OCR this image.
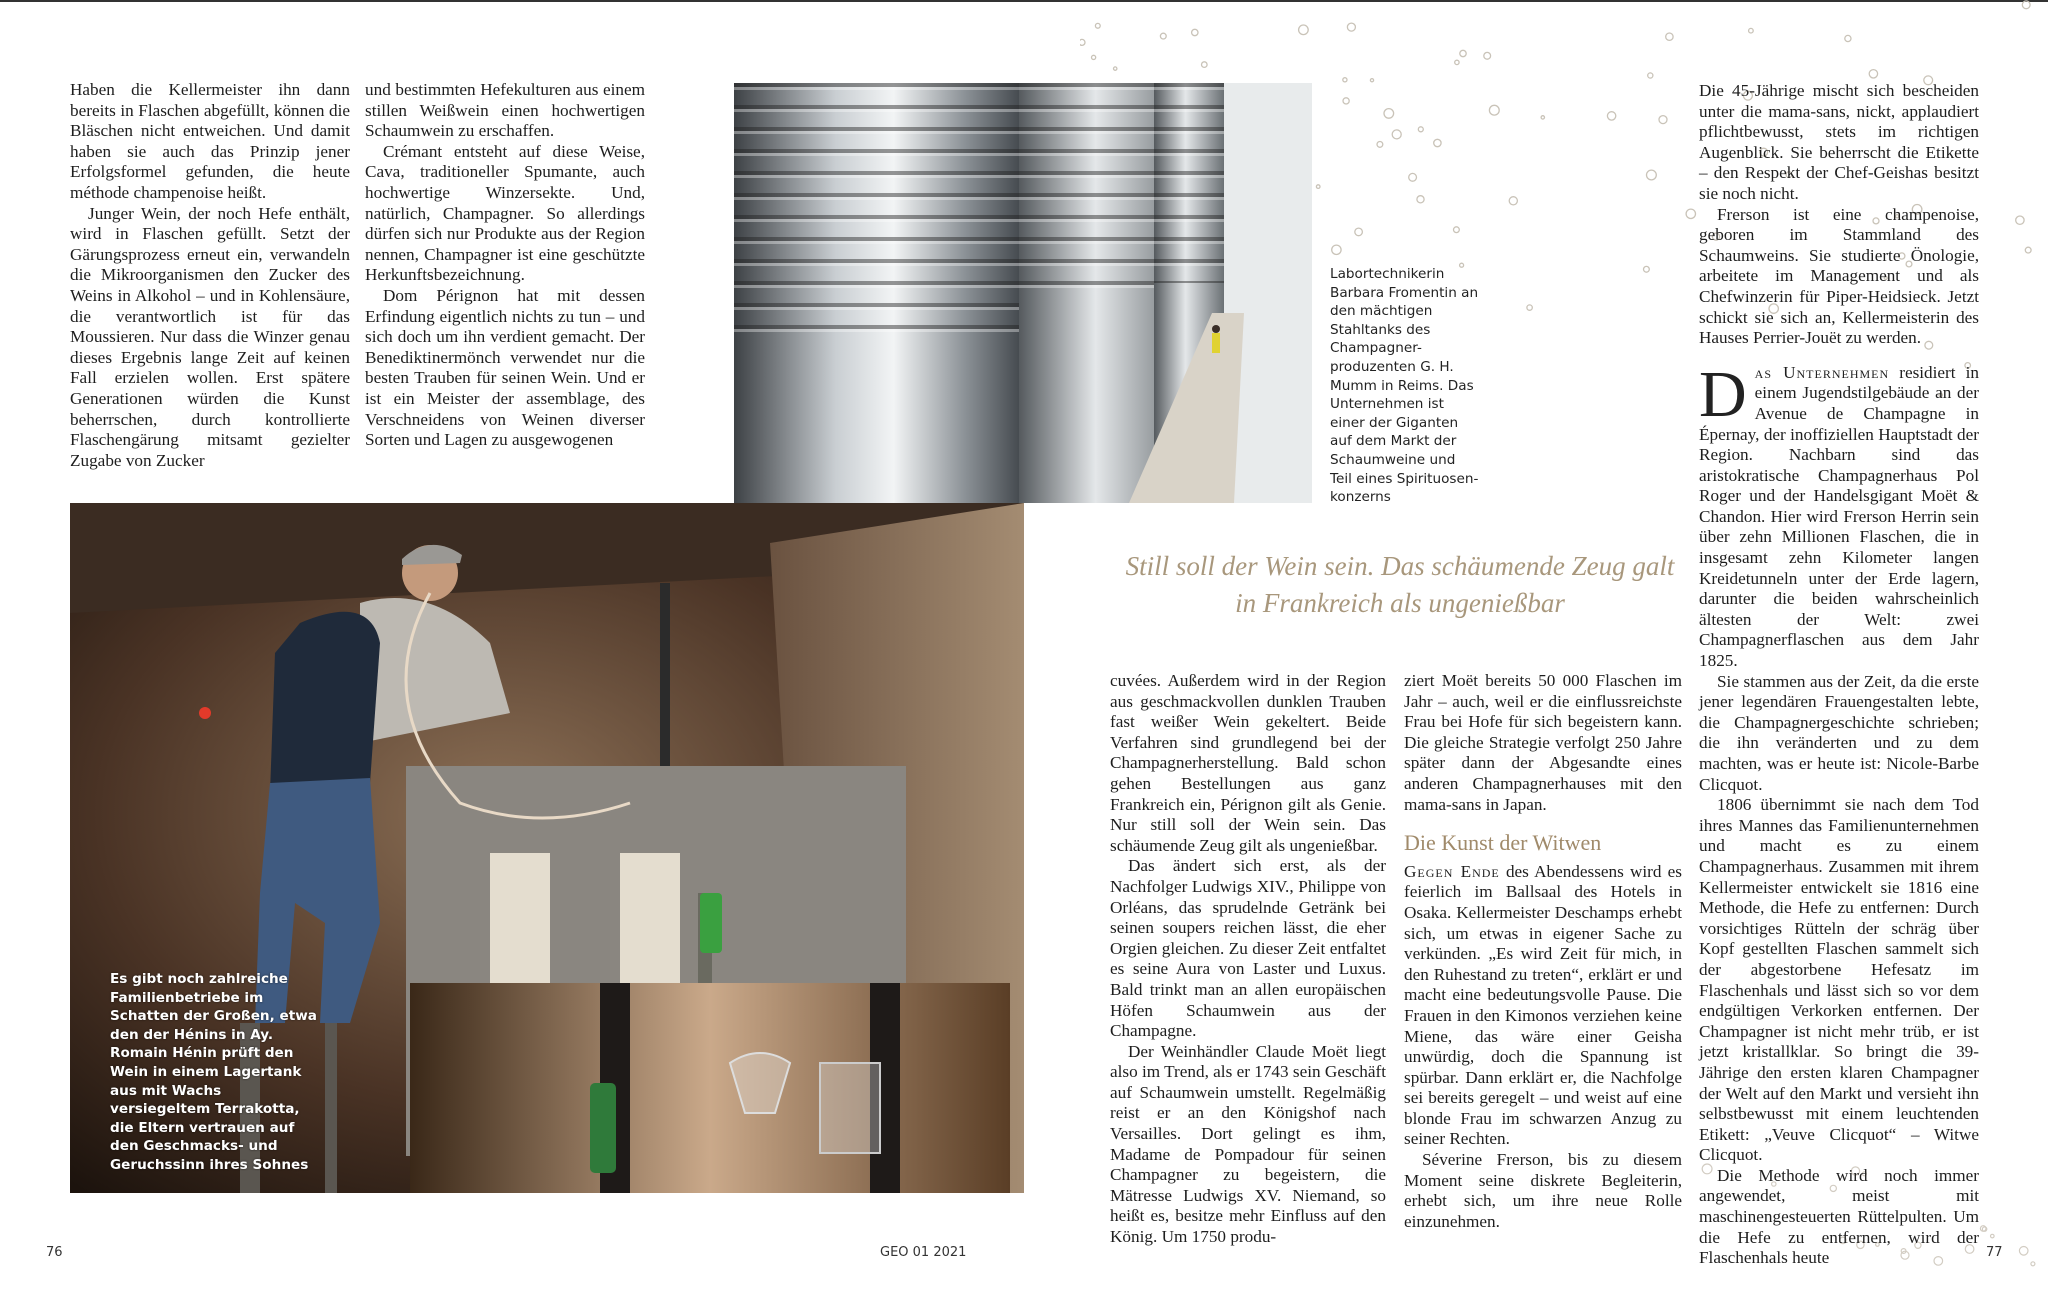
Haben die Kellermeister ihn dann bereits in Flaschen abgefüllt, können die Bläschen nicht entweichen. Und damit haben sie auch das Prinzip jener Erfolgsformel gefunden, die heute méthode champenoise heißt.

Junger Wein, der noch Hefe enthält, wird in Flaschen gefüllt. Setzt der Gärungsprozess erneut ein, verwandeln die Mikroorganismen den Zucker des Weins in Alkohol – und in Kohlensäure, die verantwortlich ist für das Moussieren. Nur dass die Winzer genau dieses Ergebnis lange Zeit auf keinen Fall erzielen wollen. Erst spätere Generationen würden die Kunst beherrschen, durch kontrollierte Flaschengärung mitsamt gezielter Zugabe von Zucker

und bestimmten Hefekulturen aus einem stillen Weißwein einen hochwertigen Schaumwein zu erschaffen.

Crémant entsteht auf diese Weise, Cava, traditioneller Spumante, auch hochwertige Winzersekte. Und, natürlich, Champagner. So allerdings dürfen sich nur Produkte aus der Region nennen, Champagner ist eine geschützte Herkunftsbezeichnung.

Dom Pérignon hat mit dessen Erfindung eigentlich nichts zu tun – und sich doch um ihn verdient gemacht. Der Benediktinermönch verwendet nur die besten Trauben für seinen Wein. Und er ist ein Meister der assemblage, des Verschneidens von Weinen diverser Sorten und Lagen zu ausgewogenen

Labortechnikerin Barbara Fromentin an den mächtigen Stahltanks des Champagner-produzenten G. H. Mumm in Reims. Das Unternehmen ist einer der Giganten auf dem Markt der Schaumweine und Teil eines Spirituosen-konzerns
Es gibt noch zahlreiche Familienbetriebe im Schatten der Großen, etwa den der Hénins in Ay. Romain Hénin prüft den Wein in einem Lagertank aus mit Wachs versiegeltem Terrakotta, die Eltern vertrauen auf den Geschmacks- und Geruchssinn ihres Sohnes
Still soll der Wein sein. Das schäumende Zeug galt in Frankreich als ungenießbar

cuvées. Außerdem wird in der Region aus geschmackvollen dunklen Trauben fast weißer Wein gekeltert. Beide Verfahren sind grundlegend bei der Champagnerherstellung. Bald schon gehen Bestellungen aus ganz Frankreich ein, Pérignon gilt als Genie. Nur still soll der Wein sein. Das schäumende Zeug gilt als ungenießbar.

Das ändert sich erst, als der Nachfolger Ludwigs XIV., Philippe von Orléans, das sprudelnde Getränk bei seinen soupers reichen lässt, die eher Orgien gleichen. Zu dieser Zeit entfaltet es seine Aura von Laster und Luxus. Bald trinkt man an allen europäischen Höfen Schaumwein aus der Champagne.

Der Weinhändler Claude Moët liegt also im Trend, als er 1743 sein Geschäft auf Schaumwein umstellt. Regelmäßig reist er an den Königshof nach Versailles. Dort gelingt es ihm, Madame de Pompadour für seinen Champagner zu begeistern, die Mätresse Ludwigs XV. Niemand, so heißt es, besitze mehr Einfluss auf den König. Um 1750 produ-

ziert Moët bereits 50 000 Flaschen im Jahr – auch, weil er die einflussreichste Frau bei Hofe für sich begeistern kann. Die gleiche Strategie verfolgt 250 Jahre später dann der Abgesandte eines anderen Champagnerhauses mit den mama-sans in Japan.

Die Kunst der Witwen

Gegen Ende des Abendessens wird es feierlich im Ballsaal des Hotels in Osaka. Kellermeister Deschamps erhebt sich, um etwas in eigener Sache zu verkünden. „Es wird Zeit für mich, in den Ruhestand zu treten“, erklärt er und macht eine bedeutungsvolle Pause. Die Frauen in den Kimonos verziehen keine Miene, das wäre einer Geisha unwürdig, doch die Spannung ist spürbar. Dann erklärt er, die Nachfolge sei bereits geregelt – und weist auf eine blonde Frau im schwarzen Anzug zu seiner Rechten.

Séverine Frerson, bis zu diesem Moment seine diskrete Begleiterin, erhebt sich, um ihre neue Rolle einzunehmen.

Die 45-Jährige mischt sich bescheiden unter die mama-sans, nickt, applaudiert pflichtbewusst, stets im richtigen Augenblick. Sie beherrscht die Etikette – den Respekt der Chef-Geishas besitzt sie noch nicht.

Frerson ist eine champenoise, geboren im Stammland des Schaumweins. Sie studierte Önologie, arbeitete im Management und als Chefwinzerin für Piper-Heidsieck. Jetzt schickt sie sich an, Kellermeisterin des Hauses Perrier-Jouët zu werden.

Das Unternehmen residiert in einem Jugendstilgebäude an der Avenue de Champagne in Épernay, der inoffiziellen Hauptstadt der Region. Nachbarn sind das aristokratische Champagnerhaus Pol Roger und der Handelsgigant Moët & Chandon. Hier wird Frerson Herrin sein über zehn Millionen Flaschen, die in insgesamt zehn Kilometer langen Kreidetunneln unter der Erde lagern, darunter die beiden wahrscheinlich ältesten der Welt: zwei Champagnerflaschen aus dem Jahr 1825.

Sie stammen aus der Zeit, da die erste jener legendären Frauengestalten lebte, die Champagnergeschichte schrieben; die ihn veränderten und zu dem machten, was er heute ist: Nicole-Barbe Clicquot.

1806 übernimmt sie nach dem Tod ihres Mannes das Familienunternehmen und macht es zu einem Champagnerhaus. Zusammen mit ihrem Kellermeister entwickelt sie 1816 eine Methode, die Hefe zu entfernen: Durch vorsichtiges Rütteln der schräg über Kopf gestellten Flaschen sammelt sich der abgestorbene Hefesatz im Flaschenhals und lässt sich so vor dem endgültigen Verkorken entfernen. Der Champagner ist nicht mehr trüb, er ist jetzt kristallklar. So bringt die 39-Jährige den ersten klaren Champagner der Welt auf den Markt und versieht ihn selbstbewusst mit einem leuchtenden Etikett: „Veuve Clicquot“ – Witwe Clicquot.

Die Methode wird noch immer angewendet, meist mit maschinengesteuerten Rüttelpulten. Um die Hefe zu entfernen, wird der Flaschenhals heute

76	GEO 01 2021	77
